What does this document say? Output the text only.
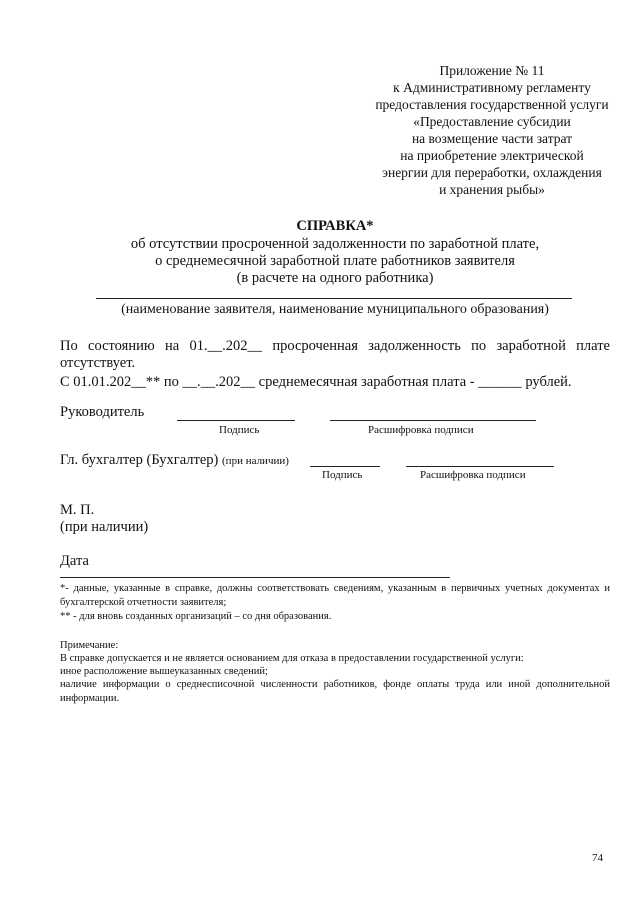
Приложение № 11
к Административному регламенту
предоставления государственной услуги
«Предоставление субсидии
на возмещение части затрат
на приобретение электрической
энергии для переработки, охлаждения
и хранения рыбы»
СПРАВКА*
об отсутствии просроченной задолженности по заработной плате,
о среднемесячной заработной плате работников заявителя
(в расчете на одного работника)
(наименование заявителя, наименование муниципального образования)
По состоянию на 01.__.202__ просроченная задолженность по заработной плате отсутствует.
С 01.01.202__** по __.__.202__ среднемесячная заработная плата - ______ рублей.
Руководитель
Подпись	Расшифровка подписи
Гл. бухгалтер (Бухгалтер) (при наличии)
Подпись	Расшифровка подписи
М. П.
(при наличии)
Дата
*- данные, указанные в справке, должны соответствовать сведениям, указанным в первичных учетных документах и бухгалтерской отчетности заявителя;
** - для вновь созданных организаций – со дня образования.
Примечание:
В справке допускается и не является основанием для отказа в предоставлении государственной услуги:
иное расположение вышеуказанных сведений;
наличие информации о среднесписочной численности работников, фонде оплаты труда или иной дополнительной информации.
74
